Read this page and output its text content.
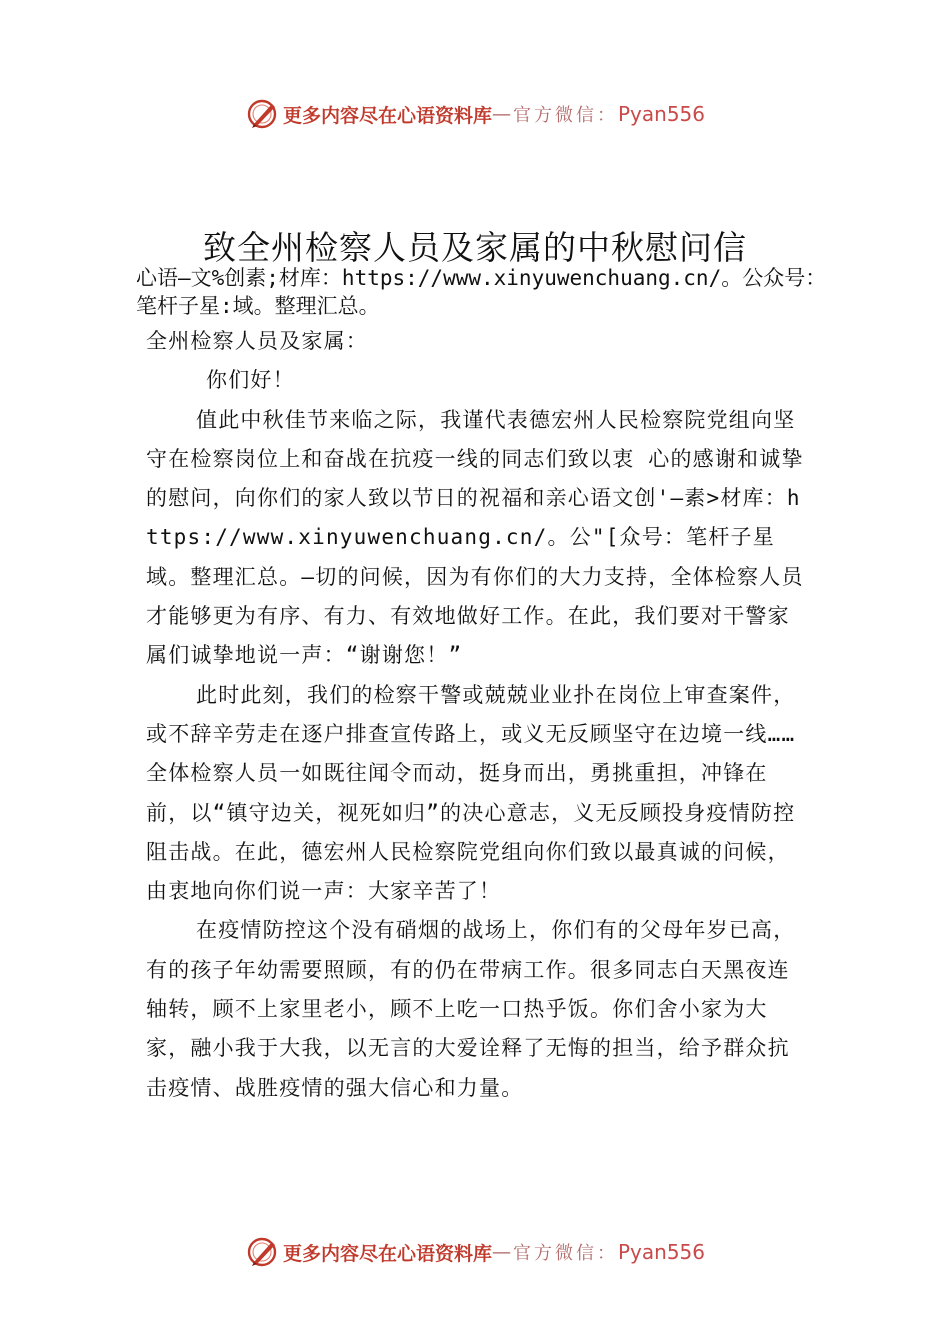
更多内容尽在心语资料库 — 官方微信： Pyan556
致全州检察人员及家属的中秋慰问信
心语—文%创素;材库：https://www.xinyuwenchuang.cn/。公众号：笔杆子星:域。整理汇总。

全州检察人员及家属：

你们好！

值此中秋佳节来临之际，我谨代表德宏州人民检察院党组向坚守在检察岗位上和奋战在抗疫一线的同志们致以衷 心的感谢和诚挚的慰问，向你们的家人致以节日的祝福和亲心语文创'—素>材库：https://www.xinyuwenchuang.cn/。公"[众号：笔杆子星域。整理汇总。—切的问候，因为有你们的大力支持，全体检察人员才能够更为有序、有力、有效地做好工作。在此，我们要对干警家属们诚挚地说一声：“谢谢您！”

此时此刻，我们的检察干警或兢兢业业扑在岗位上审查案件，或不辞辛劳走在逐户排查宣传路上，或义无反顾坚守在边境一线……全体检察人员一如既往闻令而动，挺身而出，勇挑重担，冲锋在前，以“镇守边关，视死如归”的决心意志，义无反顾投身疫情防控阻击战。在此，德宏州人民检察院党组向你们致以最真诚的问候，由衷地向你们说一声：大家辛苦了！

在疫情防控这个没有硝烟的战场上，你们有的父母年岁已高，有的孩子年幼需要照顾，有的仍在带病工作。很多同志白天黑夜连轴转，顾不上家里老小，顾不上吃一口热乎饭。你们舍小家为大家，融小我于大我，以无言的大爱诠释了无悔的担当，给予群众抗击疫情、战胜疫情的强大信心和力量。

更多内容尽在心语资料库 — 官方微信： Pyan556
